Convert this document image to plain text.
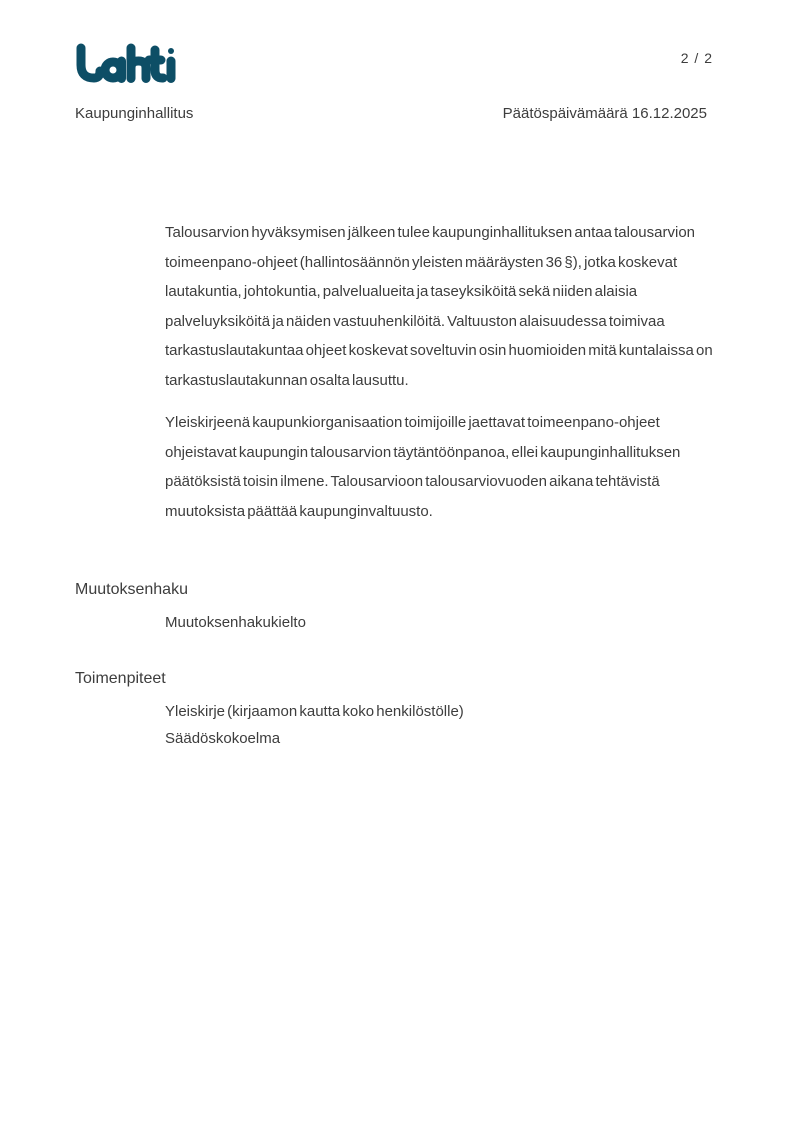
2 / 2
Kaupunginhallitus	Päätöspäivämäärä 16.12.2025

Talousarvion hyväksymisen jälkeen tulee kaupunginhallituksen antaa talousarvion toimeenpano-ohjeet (hallintosäännön yleisten määräysten 36 §), jotka koskevat lautakuntia, johtokuntia, palvelualueita ja taseyksiköitä sekä niiden alaisia palveluyksiköitä ja näiden vastuuhenkilöitä. Valtuuston alaisuudessa toimivaa tarkastuslautakuntaa ohjeet koskevat soveltuvin osin huomioiden mitä kuntalaissa on tarkastuslautakunnan osalta lausuttu.

Yleiskirjeenä kaupunkiorganisaation toimijoille jaettavat toimeenpano-ohjeet ohjeistavat kaupungin talousarvion täytäntöönpanoa, ellei kaupunginhallituksen päätöksistä toisin ilmene. Talousarvioon talousarviovuoden aikana tehtävistä muutoksista päättää kaupunginvaltuusto.

Muutoksenhaku
Muutoksenhakukielto
Toimenpiteet
Yleiskirje (kirjaamon kautta koko henkilöstölle)
Säädöskokoelma
